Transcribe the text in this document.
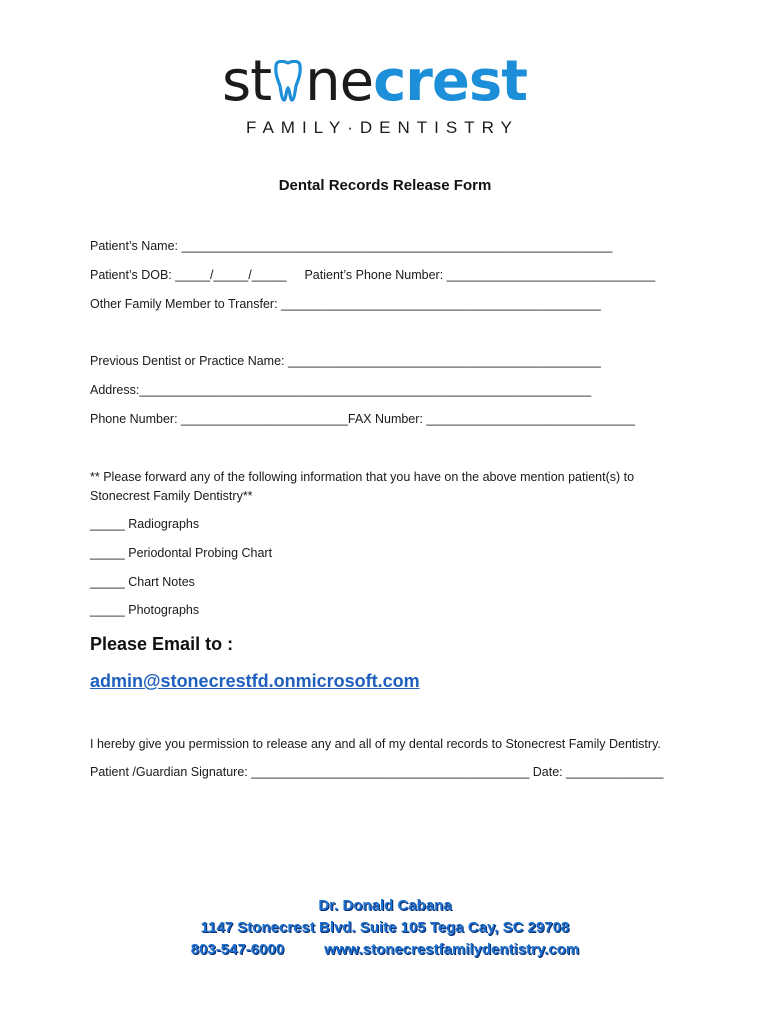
st necrest
FAMILY·DENTISTRY
Dental Records Release Form
Patient’s Name: ______________________________________________________________
Patient’s DOB: _____/_____/_____ Patient’s Phone Number: ______________________________
Other Family Member to Transfer: ______________________________________________
Previous Dentist or Practice Name: _____________________________________________
Address:_________________________________________________________________
Phone Number: ________________________FAX Number: ______________________________
** Please forward any of the following information that you have on the above mention patient(s) to
Stonecrest Family Dentistry**
_____ Radiographs
_____ Periodontal Probing Chart
_____ Chart Notes
_____ Photographs
Please Email to :
admin@stonecrestfd.onmicrosoft.com
I hereby give you permission to release any and all of my dental records to Stonecrest Family Dentistry.
Patient /Guardian Signature: ________________________________________ Date: ______________
Dr. Donald Cabana
1147 Stonecrest Blvd. Suite 105 Tega Cay, SC 29708
803-547-6000	www.stonecrestfamilydentistry.com
